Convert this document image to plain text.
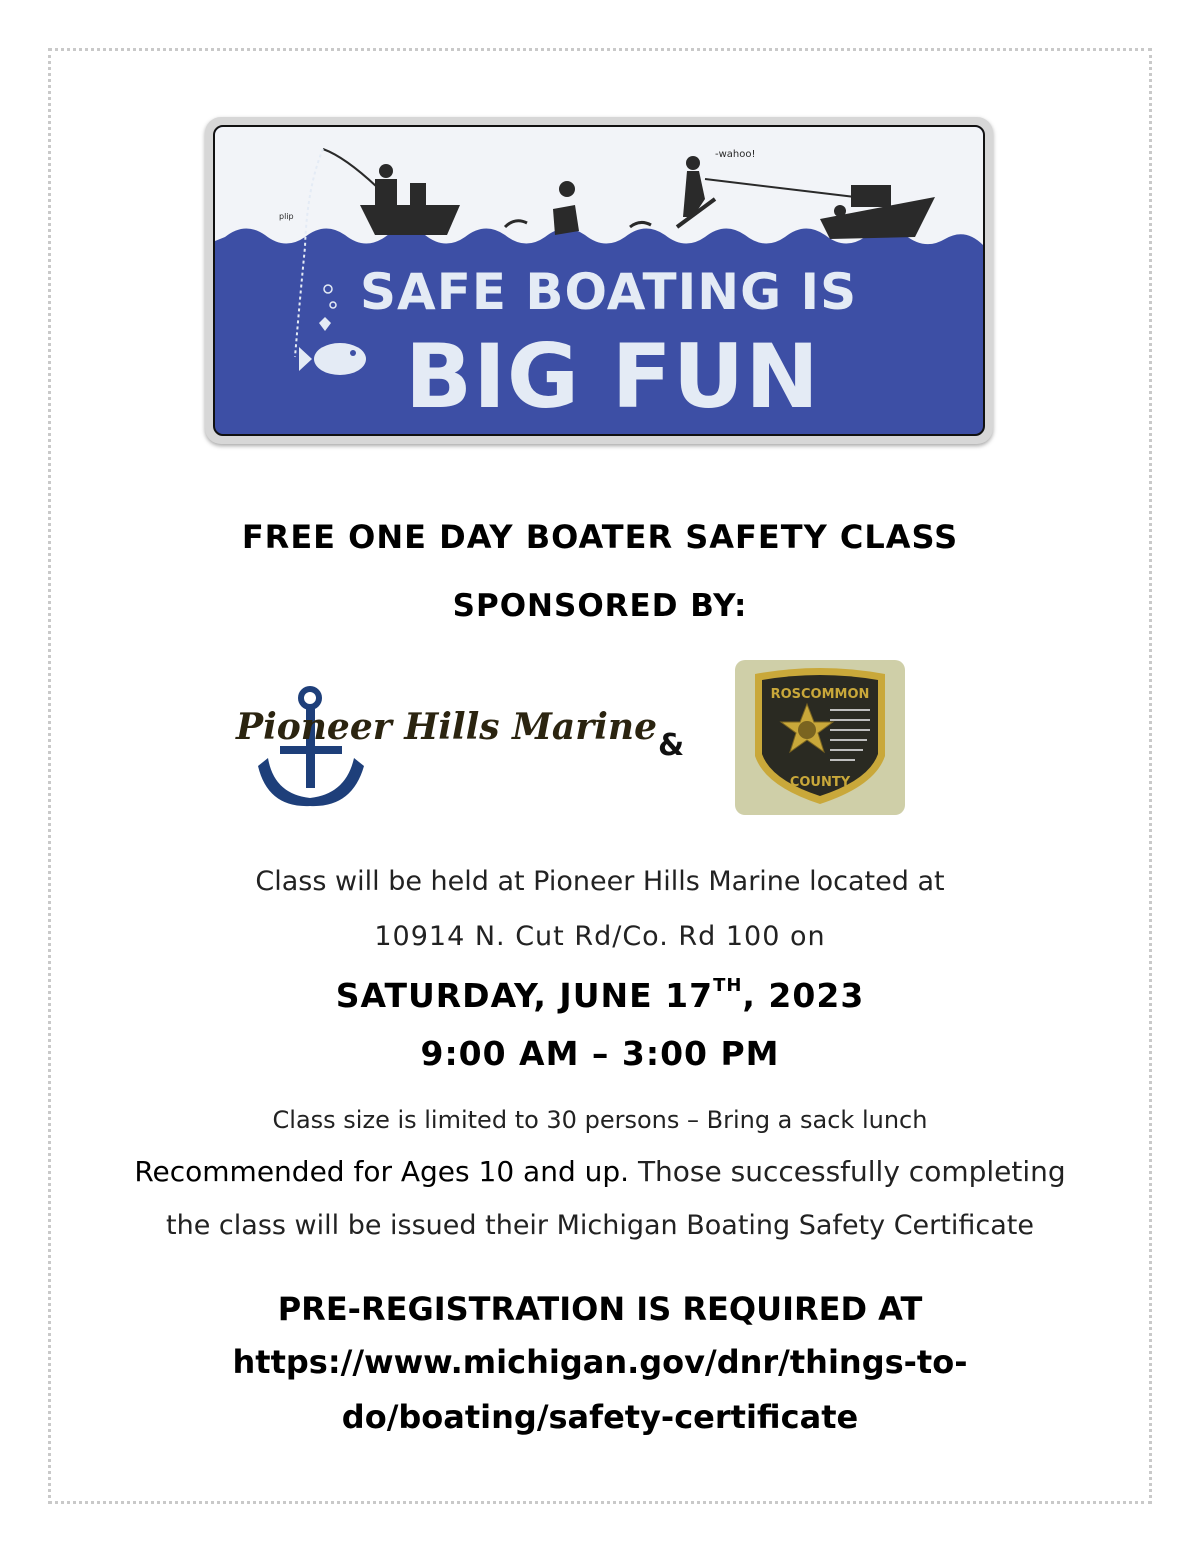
-wahoo!
plip
SAFE BOATING IS
BIG FUN
FREE ONE DAY BOATER SAFETY CLASS
SPONSORED BY:
Pioneer Hills Marine &
ROSCOMMON
COUNTY
Class will be held at Pioneer Hills Marine located at
10914 N. Cut Rd/Co. Rd 100 on
SATURDAY, JUNE 17TH, 2023
9:00 AM – 3:00 PM
Class size is limited to 30 persons – Bring a sack lunch
Recommended for Ages 10 and up. Those successfully completing
the class will be issued their Michigan Boating Safety Certificate
PRE-REGISTRATION IS REQUIRED AT
https://www.michigan.gov/dnr/things-to-
do/boating/safety-certificate
